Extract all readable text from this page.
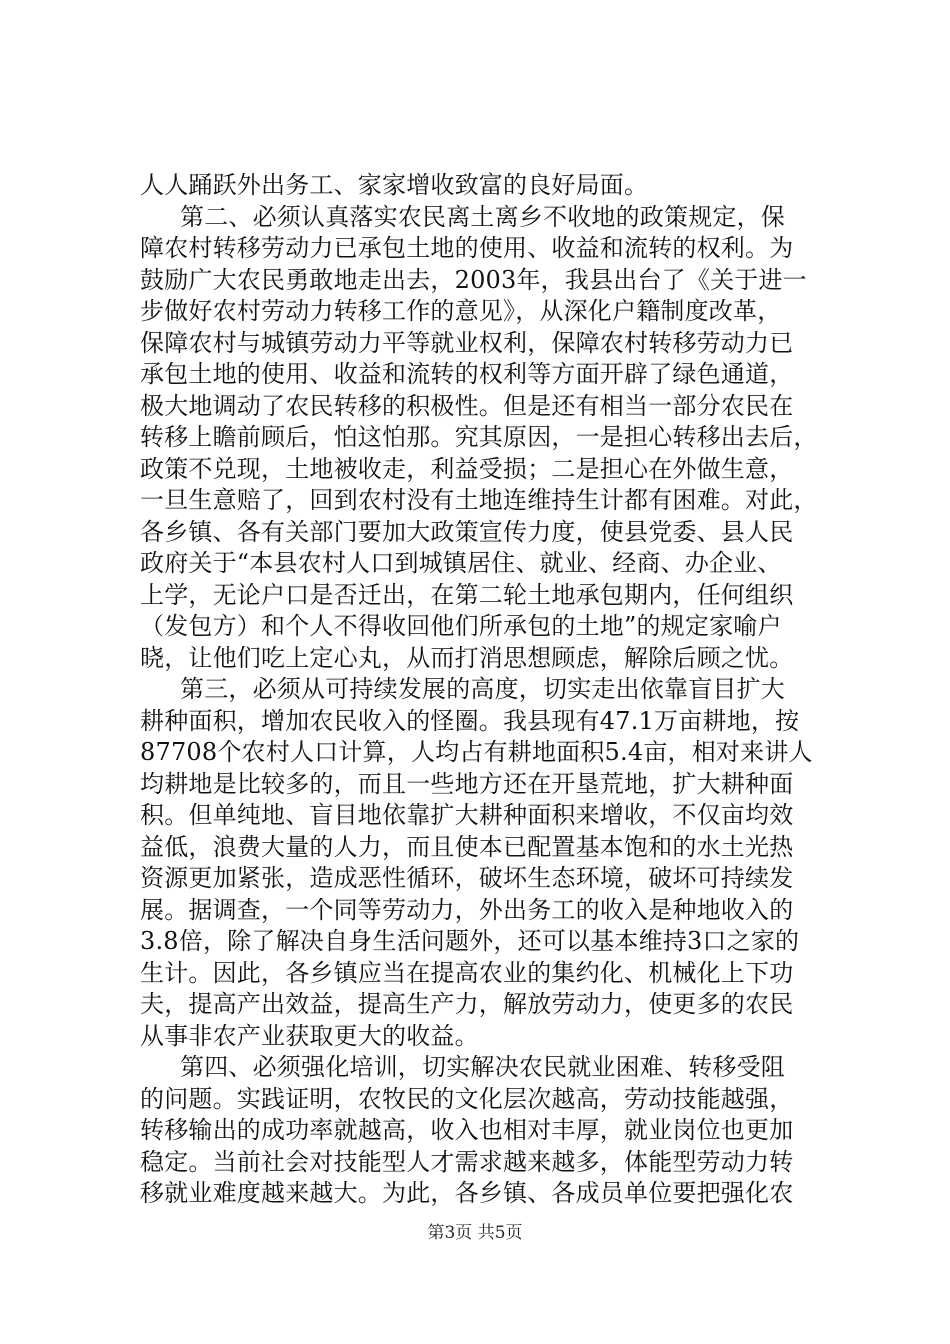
人人踊跃外出务工、家家增收致富的良好局面。
第二、必须认真落实农民离土离乡不收地的政策规定，保
障农村转移劳动力已承包土地的使用、收益和流转的权利。为
鼓励广大农民勇敢地走出去，2003年，我县出台了《关于进一
步做好农村劳动力转移工作的意见》，从深化户籍制度改革，
保障农村与城镇劳动力平等就业权利，保障农村转移劳动力已
承包土地的使用、收益和流转的权利等方面开辟了绿色通道，
极大地调动了农民转移的积极性。但是还有相当一部分农民在
转移上瞻前顾后，怕这怕那。究其原因，一是担心转移出去后，
政策不兑现，土地被收走，利益受损；二是担心在外做生意，
一旦生意赔了，回到农村没有土地连维持生计都有困难。对此，
各乡镇、各有关部门要加大政策宣传力度，使县党委、县人民
政府关于“本县农村人口到城镇居住、就业、经商、办企业、
上学，无论户口是否迁出，在第二轮土地承包期内，任何组织
（发包方）和个人不得收回他们所承包的土地”的规定家喻户
晓，让他们吃上定心丸，从而打消思想顾虑，解除后顾之忧。
第三，必须从可持续发展的高度，切实走出依靠盲目扩大
耕种面积，增加农民收入的怪圈。我县现有47.1万亩耕地，按
87708个农村人口计算，人均占有耕地面积5.4亩，相对来讲人
均耕地是比较多的，而且一些地方还在开垦荒地，扩大耕种面
积。但单纯地、盲目地依靠扩大耕种面积来增收，不仅亩均效
益低，浪费大量的人力，而且使本已配置基本饱和的水土光热
资源更加紧张，造成恶性循环，破坏生态环境，破坏可持续发
展。据调查，一个同等劳动力，外出务工的收入是种地收入的
3.8倍，除了解决自身生活问题外，还可以基本维持3口之家的
生计。因此，各乡镇应当在提高农业的集约化、机械化上下功
夫，提高产出效益，提高生产力，解放劳动力，使更多的农民
从事非农产业获取更大的收益。
第四、必须强化培训，切实解决农民就业困难、转移受阻
的问题。实践证明，农牧民的文化层次越高，劳动技能越强，
转移输出的成功率就越高，收入也相对丰厚，就业岗位也更加
稳定。当前社会对技能型人才需求越来越多，体能型劳动力转
移就业难度越来越大。为此，各乡镇、各成员单位要把强化农
第3页 共5页
